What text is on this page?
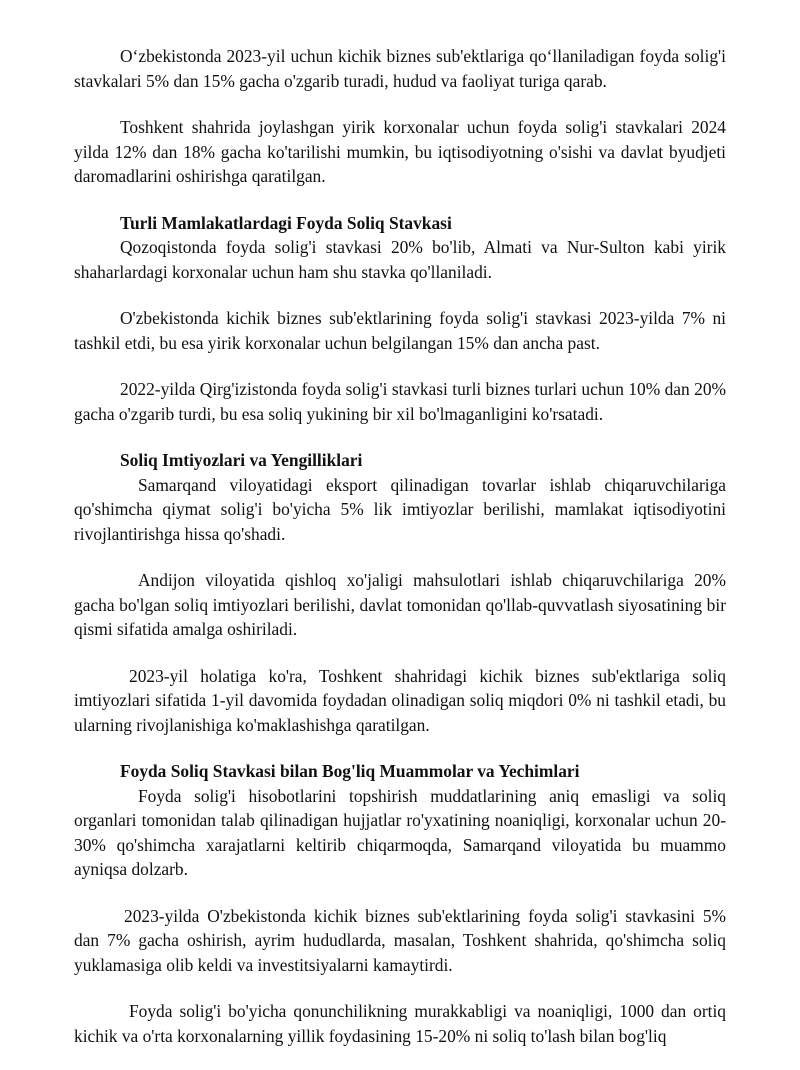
O‘zbekistonda 2023-yil uchun kichik biznes sub'ektlariga qo‘llaniladigan foyda solig'i stavkalari 5% dan 15% gacha o'zgarib turadi, hudud va faoliyat turiga qarab.

Toshkent shahrida joylashgan yirik korxonalar uchun foyda solig'i stavkalari 2024 yilda 12% dan 18% gacha ko'tarilishi mumkin, bu iqtisodiyotning o'sishi va davlat byudjeti daromadlarini oshirishga qaratilgan.

Turli Mamlakatlardagi Foyda Soliq Stavkasi

Qozoqistonda foyda solig'i stavkasi 20% bo'lib, Almati va Nur-Sulton kabi yirik shaharlardagi korxonalar uchun ham shu stavka qo'llaniladi.

O'zbekistonda kichik biznes sub'ektlarining foyda solig'i stavkasi 2023-yilda 7% ni tashkil etdi, bu esa yirik korxonalar uchun belgilangan 15% dan ancha past.

2022-yilda Qirg'izistonda foyda solig'i stavkasi turli biznes turlari uchun 10% dan 20% gacha o'zgarib turdi, bu esa soliq yukining bir xil bo'lmaganligini ko'rsatadi.

Soliq Imtiyozlari va Yengilliklari

Samarqand viloyatidagi eksport qilinadigan tovarlar ishlab chiqaruvchilariga qo'shimcha qiymat solig'i bo'yicha 5% lik imtiyozlar berilishi, mamlakat iqtisodiyotini rivojlantirishga hissa qo'shadi.

Andijon viloyatida qishloq xo'jaligi mahsulotlari ishlab chiqaruvchilariga 20% gacha bo'lgan soliq imtiyozlari berilishi, davlat tomonidan qo'llab-quvvatlash siyosatining bir qismi sifatida amalga oshiriladi.

2023-yil holatiga ko'ra, Toshkent shahridagi kichik biznes sub'ektlariga soliq imtiyozlari sifatida 1-yil davomida foydadan olinadigan soliq miqdori 0% ni tashkil etadi, bu ularning rivojlanishiga ko'maklashishga qaratilgan.

Foyda Soliq Stavkasi bilan Bog'liq Muammolar va Yechimlari

Foyda solig'i hisobotlarini topshirish muddatlarining aniq emasligi va soliq organlari tomonidan talab qilinadigan hujjatlar ro'yxatining noaniqligi, korxonalar uchun 20-30% qo'shimcha xarajatlarni keltirib chiqarmoqda, Samarqand viloyatida bu muammo ayniqsa dolzarb.

2023-yilda O'zbekistonda kichik biznes sub'ektlarining foyda solig'i stavkasini 5% dan 7% gacha oshirish, ayrim hududlarda, masalan, Toshkent shahrida, qo'shimcha soliq yuklamasiga olib keldi va investitsiyalarni kamaytirdi.

Foyda solig'i bo'yicha qonunchilikning murakkabligi va noaniqligi, 1000 dan ortiq kichik va o'rta korxonalarning yillik foydasining 15-20% ni soliq to'lash bilan bog'liq
